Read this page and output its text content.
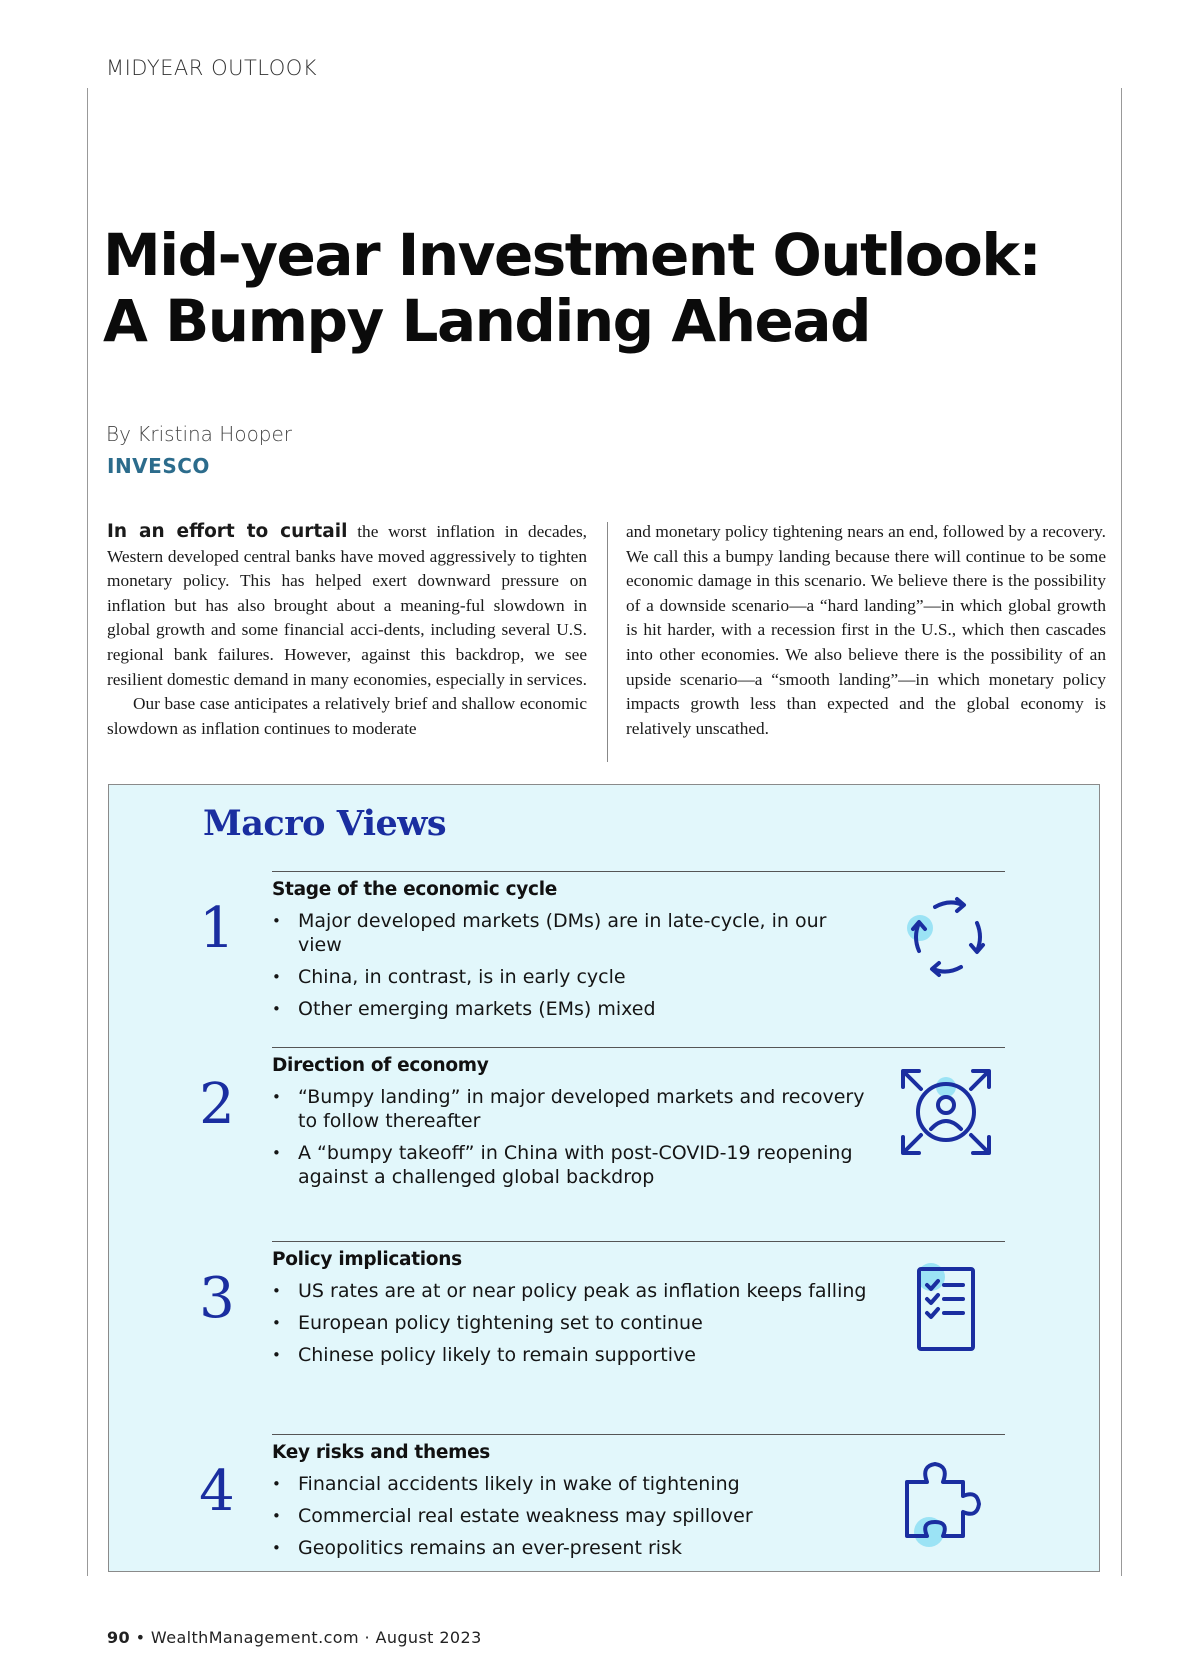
MIDYEAR OUTLOOK
Mid-year Investment Outlook:
A Bumpy Landing Ahead
By Kristina Hooper
INVESCO

In an effort to curtail the worst inflation in decades, Western developed central banks have moved aggressively to tighten monetary policy. This has helped exert downward pressure on inflation but has also brought about a meaning-ful slowdown in global growth and some financial acci-dents, including several U.S. regional bank failures. However, against this backdrop, we see resilient domestic demand in many economies, especially in services.

Our base case anticipates a relatively brief and shallow economic slowdown as inflation continues to moderate

and monetary policy tightening nears an end, followed by a recovery. We call this a bumpy landing because there will continue to be some economic damage in this scenario. We believe there is the possibility of a downside scenario—a “hard landing”—in which global growth is hit harder, with a recession first in the U.S., which then cascades into other economies. We also believe there is the possibility of an upside scenario—a “smooth landing”—in which monetary policy impacts growth less than expected and the global economy is relatively unscathed.

Macro Views
1
Stage of the economic cycle
• Major developed markets (DMs) are in late-cycle, in our view
• China, in contrast, is in early cycle
• Other emerging markets (EMs) mixed
2
Direction of economy
• “Bumpy landing” in major developed markets and recovery to follow thereafter
• A “bumpy takeoff” in China with post-COVID-19 reopening against a challenged global backdrop
3
Policy implications
• US rates are at or near policy peak as inflation keeps falling
• European policy tightening set to continue
• Chinese policy likely to remain supportive
4
Key risks and themes
• Financial accidents likely in wake of tightening
• Commercial real estate weakness may spillover
• Geopolitics remains an ever-present risk
90 • WealthManagement.com · August 2023
